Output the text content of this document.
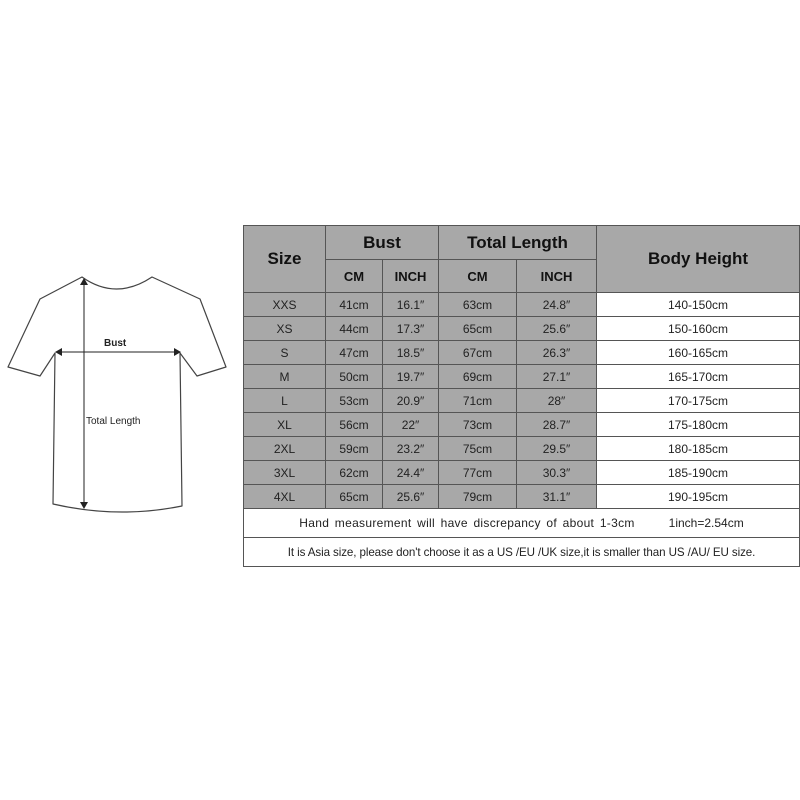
Bust
Total Length
Size	Bust		Total Length		Body Height
	CM	INCH	CM	INCH	
XXS	41cm	16.1″	63cm	24.8″	140-150cm
XS	44cm	17.3″	65cm	25.6″	150-160cm
S	47cm	18.5″	67cm	26.3″	160-165cm
M	50cm	19.7″	69cm	27.1″	165-170cm
L	53cm	20.9″	71cm	28″	170-175cm
XL	56cm	22″	73cm	28.7″	175-180cm
2XL	59cm	23.2″	75cm	29.5″	180-185cm
3XL	62cm	24.4″	77cm	30.3″	185-190cm
4XL	65cm	25.6″	79cm	31.1″	190-195cm
Hand measurement will have discrepancy of about 1-3cm 1inch=2.54cm					
It is Asia size, please don't choose it as a US /EU /UK size,it is smaller than US /AU/ EU size.					
